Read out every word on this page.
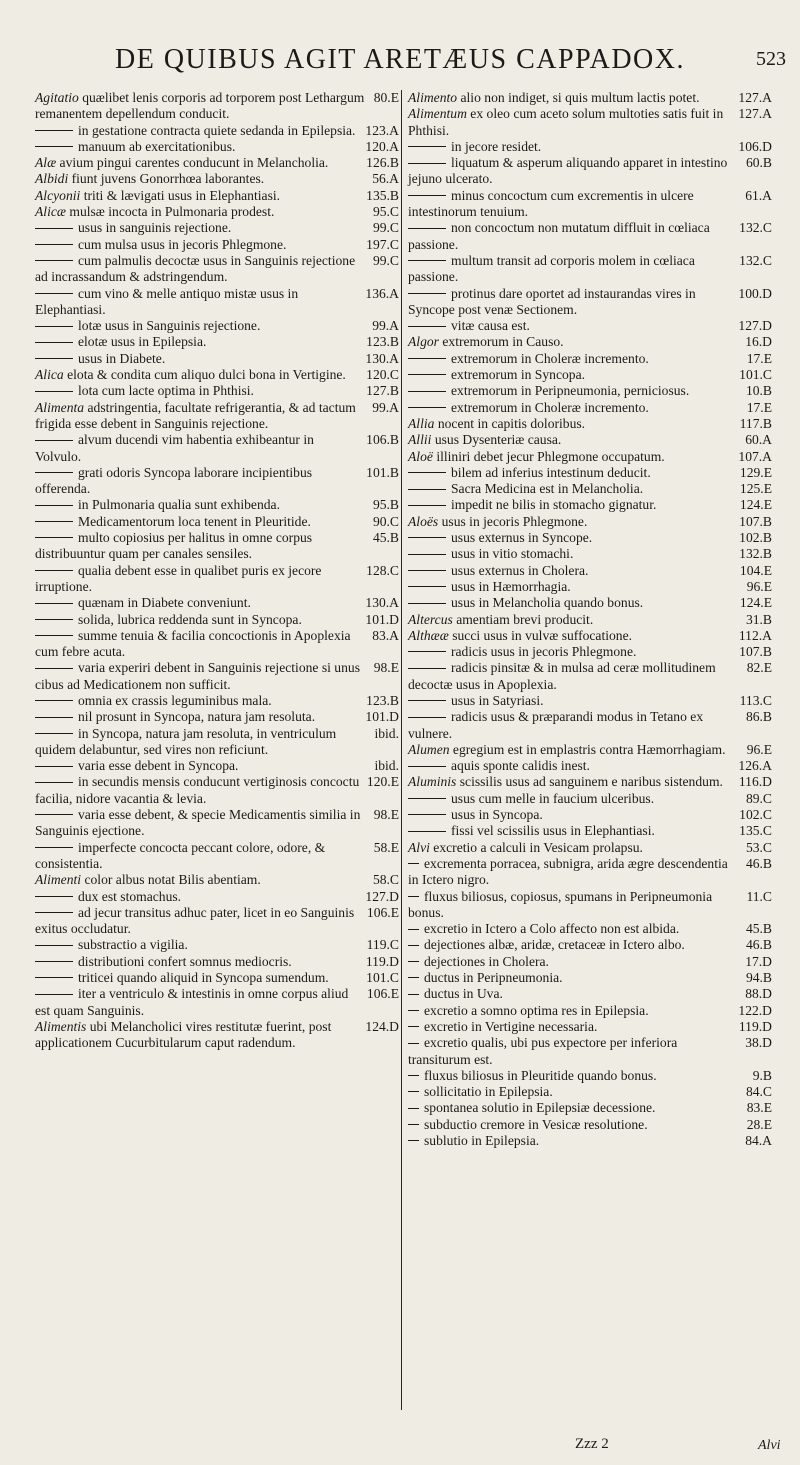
DE QUIBUS AGIT ARETÆUS CAPPADOX.	523
80.E
Agitatio quælibet lenis corporis ad torporem post Lethargum remanentem depellendum conducit.
123.A
in gestatione contracta quiete sedanda in Epilepsia.
120.A
manuum ab exercitationibus.
126.B
Alæ avium pingui carentes conducunt in Melancholia.
56.A
Albidi fiunt juvens Gonorrhœa laborantes.
135.B
Alcyonii triti & lævigati usus in Elephantiasi.
95.C
Alicæ mulsæ incocta in Pulmonaria prodest.
99.C
usus in sanguinis rejectione.
197.C
cum mulsa usus in jecoris Phlegmone.
99.C
cum palmulis decoctæ usus in Sanguinis rejectione ad incrassandum & adstringendum.
136.A
cum vino & melle antiquo mistæ usus in Elephantiasi.
99.A
lotæ usus in Sanguinis rejectione.
123.B
elotæ usus in Epilepsia.
130.A
usus in Diabete.
120.C
Alica elota & condita cum aliquo dulci bona in Vertigine.
127.B
lota cum lacte optima in Phthisi.
99.A
Alimenta adstringentia, facultate refrigerantia, & ad tactum frigida esse debent in Sanguinis rejectione.
106.B
alvum ducendi vim habentia exhibeantur in Volvulo.
101.B
grati odoris Syncopa laborare incipientibus offerenda.
95.B
in Pulmonaria qualia sunt exhibenda.
90.C
Medicamentorum loca tenent in Pleuritide.
45.B
multo copiosius per halitus in omne corpus distribuuntur quam per canales sensiles.
128.C
qualia debent esse in qualibet puris ex jecore irruptione.
130.A
quænam in Diabete conveniunt.
101.D
solida, lubrica reddenda sunt in Syncopa.
83.A
summe tenuia & facilia concoctionis in Apoplexia cum febre acuta.
98.E
varia experiri debent in Sanguinis rejectione si unus cibus ad Medicationem non sufficit.
123.B
omnia ex crassis leguminibus mala.
101.D
nil prosunt in Syncopa, natura jam resoluta.
ibid.
in Syncopa, natura jam resoluta, in ventriculum quidem delabuntur, sed vires non reficiunt.
ibid.
varia esse debent in Syncopa.
120.E
in secundis mensis conducunt vertiginosis concoctu facilia, nidore vacantia & levia.
98.E
varia esse debent, & specie Medicamentis similia in Sanguinis ejectione.
58.E
imperfecte concocta peccant colore, odore, & consistentia.
58.C
Alimenti color albus notat Bilis abentiam.
127.D
dux est stomachus.
106.E
ad jecur transitus adhuc pater, licet in eo Sanguinis exitus occludatur.
119.C
substractio a vigilia.
119.D
distributioni confert somnus mediocris.
101.C
triticei quando aliquid in Syncopa sumendum.
106.E
iter a ventriculo & intestinis in omne corpus aliud est quam Sanguinis.
124.D
Alimentis ubi Melancholici vires restitutæ fuerint, post applicationem Cucurbitularum caput radendum.
127.A
Alimento alio non indiget, si quis multum lactis potet.
127.A
Alimentum ex oleo cum aceto solum multoties satis fuit in Phthisi.
106.D
in jecore residet.
60.B
liquatum & asperum aliquando apparet in intestino jejuno ulcerato.
61.A
minus concoctum cum excrementis in ulcere intestinorum tenuium.
132.C
non concoctum non mutatum diffluit in cœliaca passione.
132.C
multum transit ad corporis molem in cœliaca passione.
100.D
protinus dare oportet ad instaurandas vires in Syncope post venæ Sectionem.
127.D
vitæ causa est.
16.D
Algor extremorum in Causo.
17.E
extremorum in Choleræ incremento.
101.C
extremorum in Syncopa.
10.B
extremorum in Peripneumonia, perniciosus.
17.E
extremorum in Choleræ incremento.
117.B
Allia nocent in capitis doloribus.
60.A
Allii usus Dysenteriæ causa.
107.A
Aloë illiniri debet jecur Phlegmone occupatum.
129.E
bilem ad inferius intestinum deducit.
125.E
Sacra Medicina est in Melancholia.
124.E
impedit ne bilis in stomacho gignatur.
107.B
Aloës usus in jecoris Phlegmone.
102.B
usus externus in Syncope.
132.B
usus in vitio stomachi.
104.E
usus externus in Cholera.
96.E
usus in Hæmorrhagia.
124.E
usus in Melancholia quando bonus.
31.B
Altercus amentiam brevi producit.
112.A
Althææ succi usus in vulvæ suffocatione.
107.B
radicis usus in jecoris Phlegmone.
82.E
radicis pinsitæ & in mulsa ad ceræ mollitudinem decoctæ usus in Apoplexia.
113.C
usus in Satyriasi.
86.B
radicis usus & præparandi modus in Tetano ex vulnere.
96.E
Alumen egregium est in emplastris contra Hæmorrhagiam.
126.A
aquis sponte calidis inest.
116.D
Aluminis scissilis usus ad sanguinem e naribus sistendum.
89.C
usus cum melle in faucium ulceribus.
102.C
usus in Syncopa.
135.C
fissi vel scissilis usus in Elephantiasi.
53.C
Alvi excretio a calculi in Vesicam prolapsu.
46.B
excrementa porracea, subnigra, arida ægre descendentia in Ictero nigro.
11.C
fluxus biliosus, copiosus, spumans in Peripneumonia bonus.
45.B
excretio in Ictero a Colo affecto non est albida.
46.B
dejectiones albæ, aridæ, cretaceæ in Ictero albo.
17.D
dejectiones in Cholera.
94.B
ductus in Peripneumonia.
88.D
ductus in Uva.
122.D
excretio a somno optima res in Epilepsia.
119.D
excretio in Vertigine necessaria.
38.D
excretio qualis, ubi pus expectore per inferiora transiturum est.
9.B
fluxus biliosus in Pleuritide quando bonus.
84.C
sollicitatio in Epilepsia.
83.E
spontanea solutio in Epilepsiæ decessione.
28.E
subductio cremore in Vesicæ resolutione.
84.A
sublutio in Epilepsia.
Zzz 2	Alvi
